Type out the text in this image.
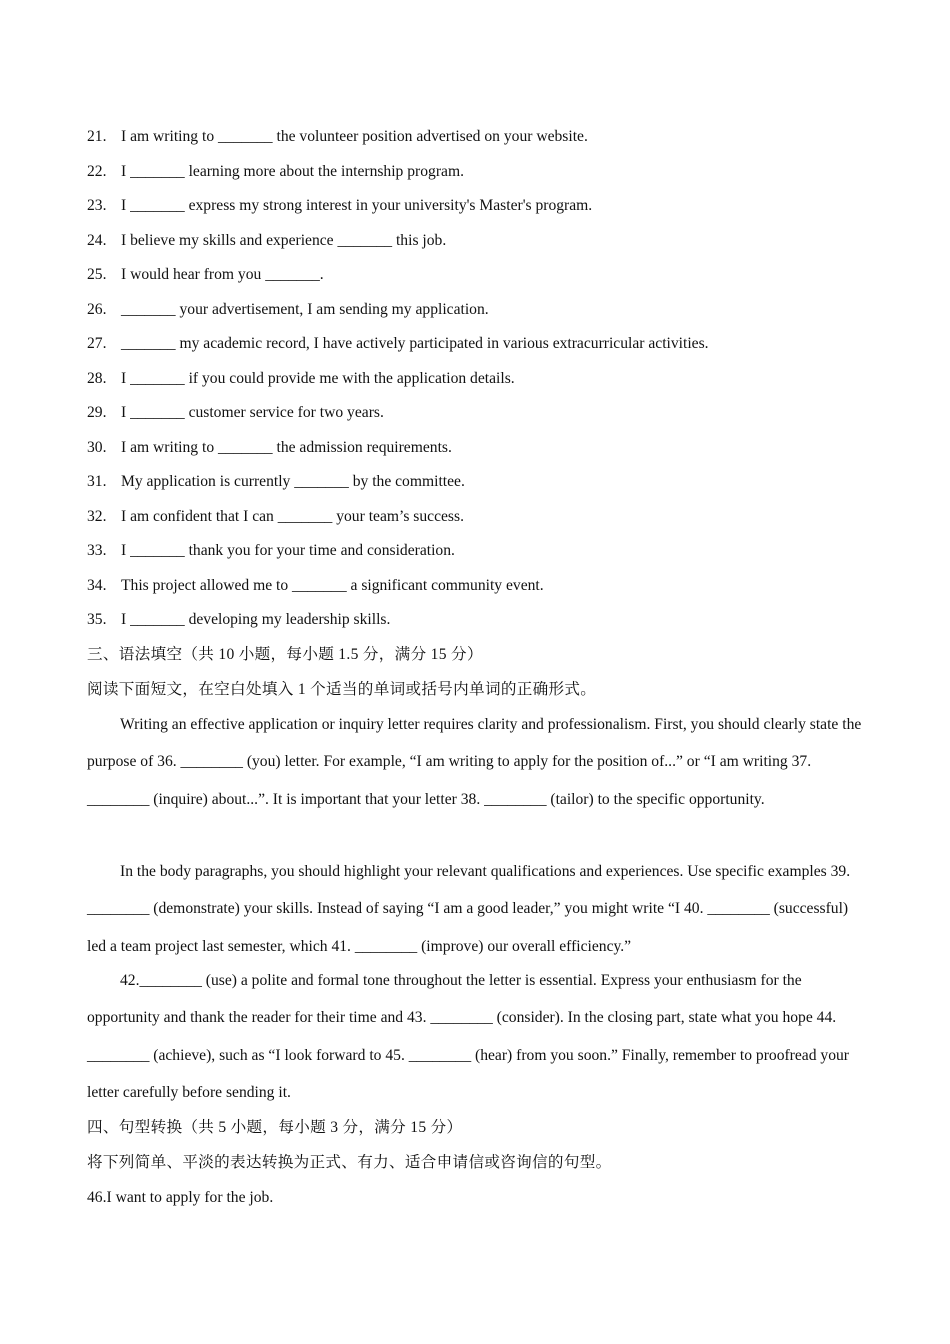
21. I am writing to _______ the volunteer position advertised on your website.
22. I _______ learning more about the internship program.
23. I _______ express my strong interest in your university's Master's program.
24. I believe my skills and experience _______ this job.
25. I would hear from you _______.
26. _______ your advertisement, I am sending my application.
27. _______ my academic record, I have actively participated in various extracurricular activities.
28. I _______ if you could provide me with the application details.
29. I _______ customer service for two years.
30. I am writing to _______ the admission requirements.
31. My application is currently _______ by the committee.
32. I am confident that I can _______ your team’s success.
33. I _______ thank you for your time and consideration.
34. This project allowed me to _______ a significant community event.
35. I _______ developing my leadership skills.
三、语法填空（共 10 小题，每小题 1.5 分，满分 15 分）
阅读下面短文，在空白处填入 1 个适当的单词或括号内单词的正确形式。
Writing an effective application or inquiry letter requires clarity and professionalism. First, you should clearly state the purpose of 36. ________ (you) letter. For example, “I am writing to apply for the position of...” or “I am writing 37. ________ (inquire) about...”. It is important that your letter 38. ________ (tailor) to the specific opportunity.
In the body paragraphs, you should highlight your relevant qualifications and experiences. Use specific examples 39. ________ (demonstrate) your skills. Instead of saying “I am a good leader,” you might write “I 40. ________ (successful) led a team project last semester, which 41. ________ (improve) our overall efficiency.”
42.________ (use) a polite and formal tone throughout the letter is essential. Express your enthusiasm for the opportunity and thank the reader for their time and 43. ________ (consider). In the closing part, state what you hope 44. ________ (achieve), such as “I look forward to 45. ________ (hear) from you soon.” Finally, remember to proofread your letter carefully before sending it.
四、句型转换（共 5 小题，每小题 3 分，满分 15 分）
将下列简单、平淡的表达转换为正式、有力、适合申请信或咨询信的句型。
46.I want to apply for the job.
